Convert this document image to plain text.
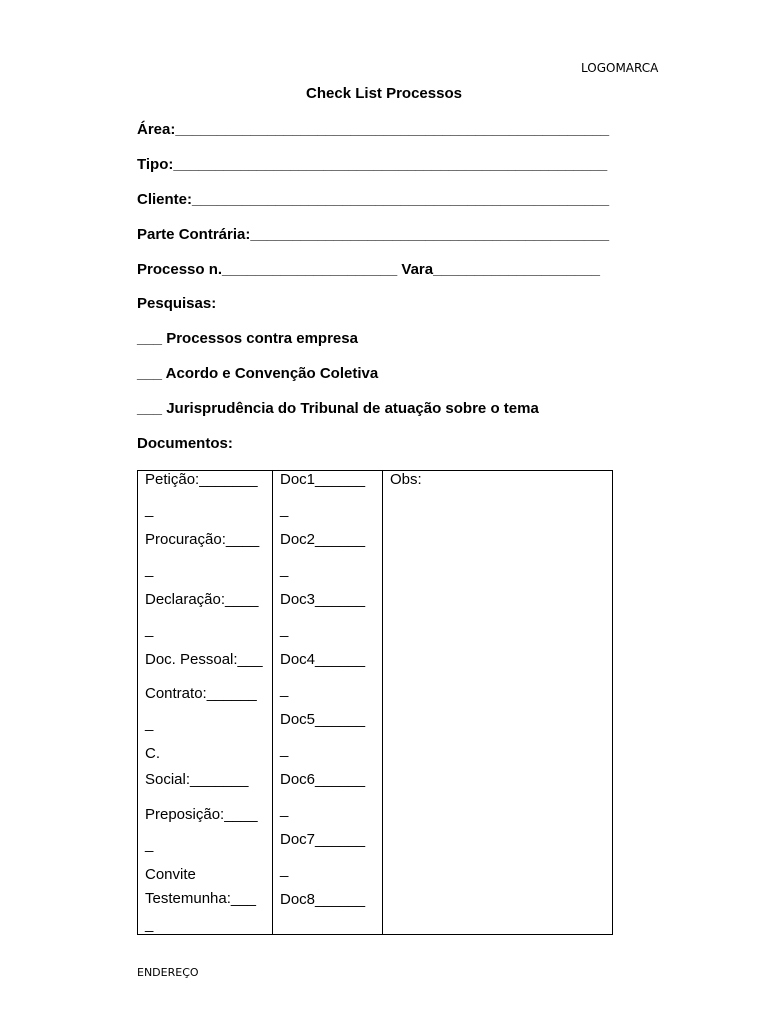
LOGOMARCA
Check List Processos
Área:____________________________________________________
Tipo:____________________________________________________
Cliente:__________________________________________________
Parte Contrária:___________________________________________
Processo n._____________________ Vara____________________
Pesquisas:
___ Processos contra empresa
___ Acordo e Convenção Coletiva
___ Jurisprudência do Tribunal de atuação sobre o tema
Documentos:
Petição:_______
_
Procuração:____
_
Declaração:____
_
Doc. Pessoal:___
Contrato:______
_
C.
Social:_______
Preposição:____
_
Convite
Testemunha:___
_
Doc1______
_
Doc2______
_
Doc3______
_
Doc4______
_
Doc5______
_
Doc6______
_
Doc7______
_
Doc8______
Obs:
ENDEREÇO
